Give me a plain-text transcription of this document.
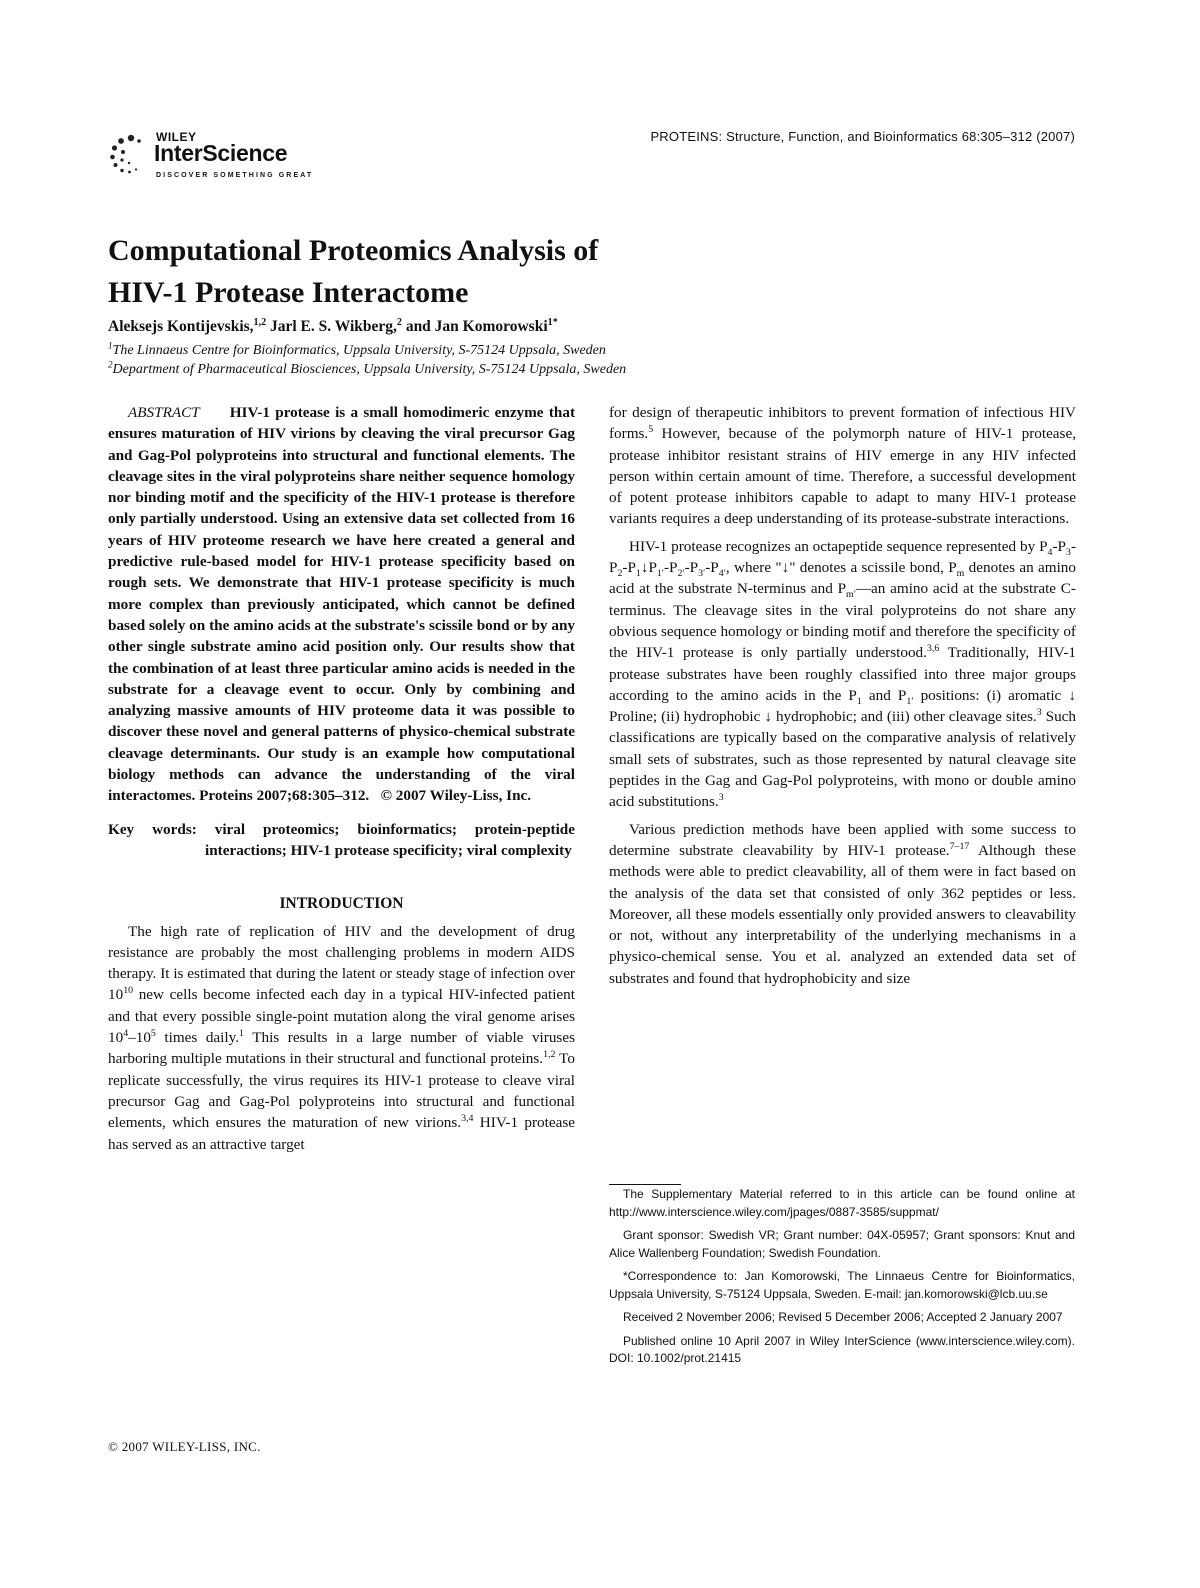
WILEY
InterScience
DISCOVER SOMETHING GREAT
PROTEINS: Structure, Function, and Bioinformatics 68:305–312 (2007)
Computational Proteomics Analysis of
HIV-1 Protease Interactome
Aleksejs Kontijevskis,$^{1,2}$ Jarl E. S. Wikberg,$^2$ and Jan Komorowski$^{1*}$
$^1$The Linnaeus Centre for Bioinformatics, Uppsala University, S-75124 Uppsala, Sweden
$^2$Department of Pharmaceutical Biosciences, Uppsala University, S-75124 Uppsala, Sweden

ABSTRACT HIV-1 protease is a small homodimeric enzyme that ensures maturation of HIV virions by cleaving the viral precursor Gag and Gag-Pol polyproteins into structural and functional elements. The cleavage sites in the viral polyproteins share neither sequence homology nor binding motif and the specificity of the HIV-1 protease is therefore only partially understood. Using an extensive data set collected from 16 years of HIV proteome research we have here created a general and predictive rule-based model for HIV-1 protease specificity based on rough sets. We demonstrate that HIV-1 protease specificity is much more complex than previously anticipated, which cannot be defined based solely on the amino acids at the substrate's scissile bond or by any other single substrate amino acid position only. Our results show that the combination of at least three particular amino acids is needed in the substrate for a cleavage event to occur. Only by combining and analyzing massive amounts of HIV proteome data it was possible to discover these novel and general patterns of physico-chemical substrate cleavage determinants. Our study is an example how computational biology methods can advance the understanding of the viral interactomes. Proteins 2007;68:305–312. © 2007 Wiley-Liss, Inc.

Key words: viral proteomics; bioinformatics; protein-peptide interactions; HIV-1 protease specificity; viral complexity

INTRODUCTION

The high rate of replication of HIV and the development of drug resistance are probably the most challenging problems in modern AIDS therapy. It is estimated that during the latent or steady stage of infection over $10^{10}$ new cells become infected each day in a typical HIV-infected patient and that every possible single-point mutation along the viral genome arises $10^4-10^5$ times daily.$^1$ This results in a large number of viable viruses harboring multiple mutations in their structural and functional proteins.$^{1,2}$ To replicate successfully, the virus requires its HIV-1 protease to cleave viral precursor Gag and Gag-Pol polyproteins into structural and functional elements, which ensures the maturation of new virions.$^{3,4}$ HIV-1 protease has served as an attractive target

for design of therapeutic inhibitors to prevent formation of infectious HIV forms.$^5$ However, because of the polymorph nature of HIV-1 protease, protease inhibitor resistant strains of HIV emerge in any HIV infected person within certain amount of time. Therefore, a successful development of potent protease inhibitors capable to adapt to many HIV-1 protease variants requires a deep understanding of its protease-substrate interactions.

HIV-1 protease recognizes an octapeptide sequence represented by $P_4-P_3-P_2-P_1↓P_{1'}-P_{2'}-P_{3'}-P_{4'}$, where "↓" denotes a scissile bond, $P_m$ denotes an amino acid at the substrate N-terminus and $P_{m'}—an$ amino acid at the substrate C-terminus. The cleavage sites in the viral polyproteins do not share any obvious sequence homology or binding motif and therefore the specificity of the HIV-1 protease is only partially understood.$^{3,6}$ Traditionally, HIV-1 protease substrates have been roughly classified into three major groups according to the amino acids in the $P_1$ and $P_{1'}$ positions: (i) aromatic ↓ Proline; (ii) hydrophobic ↓ hydrophobic; and (iii) other cleavage sites.$^3$ Such classifications are typically based on the comparative analysis of relatively small sets of substrates, such as those represented by natural cleavage site peptides in the Gag and Gag-Pol polyproteins, with mono or double amino acid substitutions.$^3$

Various prediction methods have been applied with some success to determine substrate cleavability by HIV-1 protease.$^{7-17}$ Although these methods were able to predict cleavability, all of them were in fact based on the analysis of the data set that consisted of only 362 peptides or less. Moreover, all these models essentially only provided answers to cleavability or not, without any interpretability of the underlying mechanisms in a physico-chemical sense. You et al. analyzed an extended data set of substrates and found that hydrophobicity and size

The Supplementary Material referred to in this article can be found online at http://www.interscience.wiley.com/jpages/0887-3585/suppmat/

Grant sponsor: Swedish VR; Grant number: 04X-05957; Grant sponsors: Knut and Alice Wallenberg Foundation; Swedish Foundation.

*Correspondence to: Jan Komorowski, The Linnaeus Centre for Bioinformatics, Uppsala University, S-75124 Uppsala, Sweden. E-mail: jan.komorowski@lcb.uu.se

Received 2 November 2006; Revised 5 December 2006; Accepted 2 January 2007

Published online 10 April 2007 in Wiley InterScience (www.interscience.wiley.com). DOI: 10.1002/prot.21415

© 2007 WILEY-LISS, INC.
